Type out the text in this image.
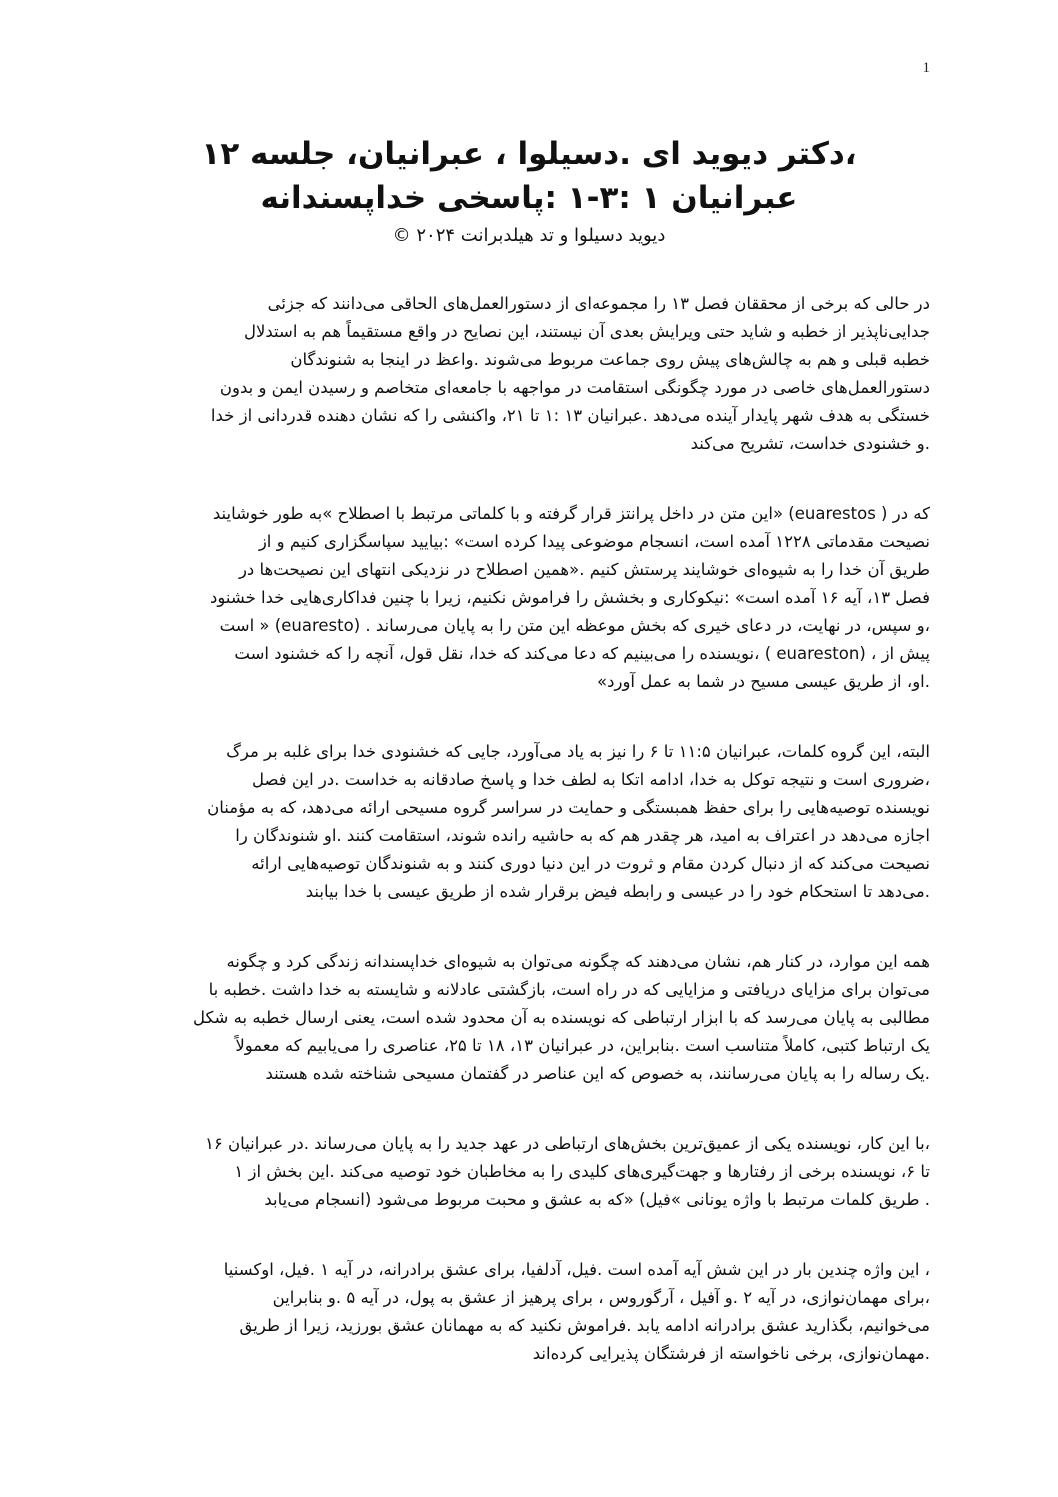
1
،دکتر دیوید ای .دسیلوا ، عبرانیان، جلسه ۱۲
عبرانیان ۱ :۳-۱ :پاسخی خداپسندانه
دیوید دسیلوا و تد هیلدبرانت ۲۰۲۴ ©

در حالی که برخی از محققان فصل ۱۳ را مجموعه‌ای از دستورالعمل‌های الحاقی می‌دانند که جزئی
جدایی‌ناپذیر از خطبه و شاید حتی ویرایش بعدی آن نیستند، این نصایح در واقع مستقیماً هم به استدلال
خطبه قبلی و هم به چالش‌های پیش روی جماعت مربوط می‌شوند .واعظ در اینجا به شنوندگان
دستورالعمل‌های خاصی در مورد چگونگی استقامت در مواجهه با جامعه‌ای متخاصم و رسیدن ایمن و بدون
خستگی به هدف شهر پایدار آینده می‌دهد .عبرانیان ۱۳ :۱ تا ۲۱، واکنشی را که نشان دهنده قدردانی از خدا
.و خشنودی خداست، تشریح می‌کند

که در ( euarestos) «این متن در داخل پرانتز قرار گرفته و با کلماتی مرتبط با اصطلاح »به طور خوشایند
نصیحت مقدماتی ۱۲۲۸ آمده است، انسجام موضوعی پیدا کرده است» :بیایید سپاسگزاری کنیم و از
طریق آن خدا را به شیوه‌ای خوشایند پرستش کنیم .«همین اصطلاح در نزدیکی انتهای این نصیحت‌ها در
فصل ۱۳، آیه ۱۶ آمده است» :نیکوکاری و بخشش را فراموش نکنیم، زیرا با چنین فداکاری‌هایی خدا خشنود
،و سپس، در نهایت، در دعای خیری که بخش موعظه این متن را به پایان می‌رساند . (euaresto) « است
پیش از ، (euareston ) ،نویسنده را می‌بینیم که دعا می‌کند که خدا، نقل قول، آنچه را که خشنود است
.او، از طریق عیسی مسیح در شما به عمل آورد»

البته، این گروه کلمات، عبرانیان ۱۱:۵ تا ۶ را نیز به یاد می‌آورد، جایی که خشنودی خدا برای غلبه بر مرگ
،ضروری است و نتیجه توکل به خدا، ادامه اتکا به لطف خدا و پاسخ صادقانه به خداست .در این فصل
نویسنده توصیه‌هایی را برای حفظ همبستگی و حمایت در سراسر گروه مسیحی ارائه می‌دهد، که به مؤمنان
اجازه می‌دهد در اعتراف به امید، هر چقدر هم که به حاشیه رانده شوند، استقامت کنند .او شنوندگان را
نصیحت می‌کند که از دنبال کردن مقام و ثروت در این دنیا دوری کنند و به شنوندگان توصیه‌هایی ارائه
.می‌دهد تا استحکام خود را در عیسی و رابطه فیض برقرار شده از طریق عیسی با خدا بیابند

همه این موارد، در کنار هم، نشان می‌دهند که چگونه می‌توان به شیوه‌ای خداپسندانه زندگی کرد و چگونه
می‌توان برای مزایای دریافتی و مزایایی که در راه است، بازگشتی عادلانه و شایسته به خدا داشت .خطبه با
مطالبی به پایان می‌رسد که با ابزار ارتباطی که نویسنده به آن محدود شده است، یعنی ارسال خطبه به شکل
یک ارتباط کتبی، کاملاً متناسب است .بنابراین، در عبرانیان ۱۳، ۱۸ تا ۲۵، عناصری را می‌یابیم که معمولاً
.یک رساله را به پایان می‌رسانند، به خصوص که این عناصر در گفتمان مسیحی شناخته شده هستند

،با این کار، نویسنده یکی از عمیق‌ترین بخش‌های ارتباطی در عهد جدید را به پایان می‌رساند .در عبرانیان ۱۶
تا ۶، نویسنده برخی از رفتارها و جهت‌گیری‌های کلیدی را به مخاطبان خود توصیه می‌کند .این بخش از ۱
. طریق کلمات مرتبط با واژه یونانی »فیل) «که به عشق و محبت مربوط می‌شود (انسجام می‌یابد

، این واژه چندین بار در این شش آیه آمده است .فیل، آدلفیا، برای عشق برادرانه، در آیه ۱ .فیل، اوکسنیا
،برای مهمان‌نوازی، در آیه ۲ .و آفیل ، آرگوروس ، برای پرهیز از عشق به پول، در آیه ۵ .و بنابراین
می‌خوانیم، بگذارید عشق برادرانه ادامه یابد .فراموش نکنید که به مهمانان عشق بورزید، زیرا از طریق
.مهمان‌نوازی، برخی ناخواسته از فرشتگان پذیرایی کرده‌اند
